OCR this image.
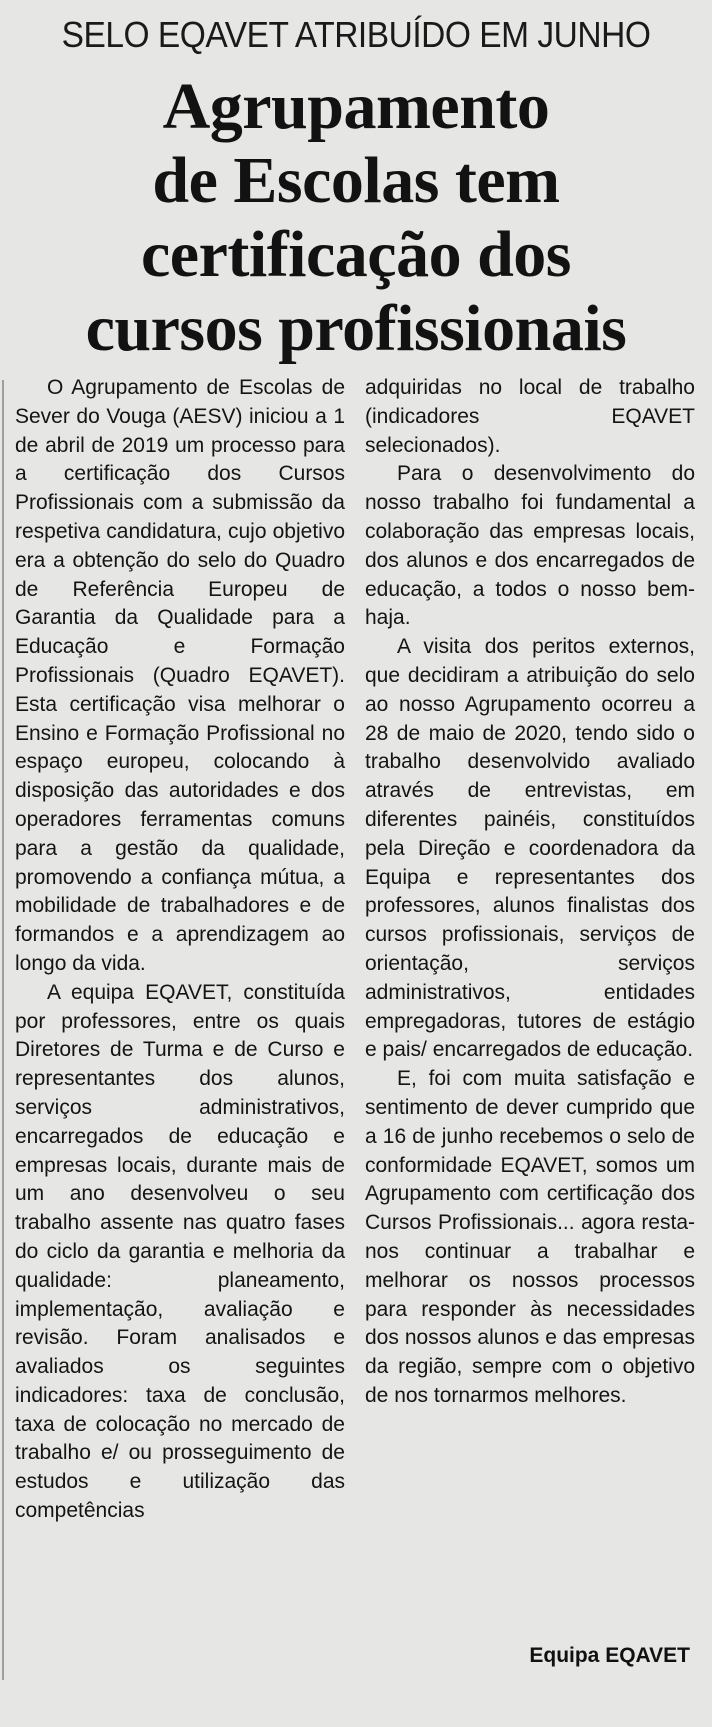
SELO EQAVET ATRIBUÍDO EM JUNHO
Agrupamento
de Escolas tem
certificação dos
cursos profissionais

O Agrupamento de Escolas de Sever do Vouga (AESV) iniciou a 1 de abril de 2019 um processo para a certificação dos Cursos Profissionais com a submissão da respetiva candidatura, cujo objetivo era a obtenção do selo do Quadro de Referência Europeu de Garantia da Qualidade para a Educação e Formação Profissionais (Quadro EQAVET). Esta certificação visa melhorar o Ensino e Formação Profissional no espaço europeu, colocando à disposição das autoridades e dos operadores ferramentas comuns para a gestão da qualidade, promovendo a confiança mútua, a mobilidade de trabalhadores e de formandos e a aprendizagem ao longo da vida.

A equipa EQAVET, constituída por professores, entre os quais Diretores de Turma e de Curso e representantes dos alunos, serviços administrativos, encarregados de educação e empresas locais, durante mais de um ano desenvolveu o seu trabalho assente nas quatro fases do ciclo da garantia e melhoria da qualidade: planeamento, implementação, avaliação e revisão. Foram analisados e avaliados os seguintes indicadores: taxa de conclusão, taxa de colocação no mercado de trabalho e/ ou prosseguimento de estudos e utilização das competências

adquiridas no local de trabalho (indicadores EQAVET selecionados).

Para o desenvolvimento do nosso trabalho foi fundamental a colaboração das empresas locais, dos alunos e dos encarregados de educação, a todos o nosso bem-haja.

A visita dos peritos externos, que decidiram a atribuição do selo ao nosso Agrupamento ocorreu a 28 de maio de 2020, tendo sido o trabalho desenvolvido avaliado através de entrevistas, em diferentes painéis, constituídos pela Direção e coordenadora da Equipa e representantes dos professores, alunos finalistas dos cursos profissionais, serviços de orientação, serviços administrativos, entidades empregadoras, tutores de estágio e pais/ encarregados de educação.

E, foi com muita satisfação e sentimento de dever cumprido que a 16 de junho recebemos o selo de conformidade EQAVET, somos um Agrupamento com certificação dos Cursos Profissionais... agora resta-nos continuar a trabalhar e melhorar os nossos processos para responder às necessidades dos nossos alunos e das empresas da região, sempre com o objetivo de nos tornarmos melhores.

Equipa EQAVET
